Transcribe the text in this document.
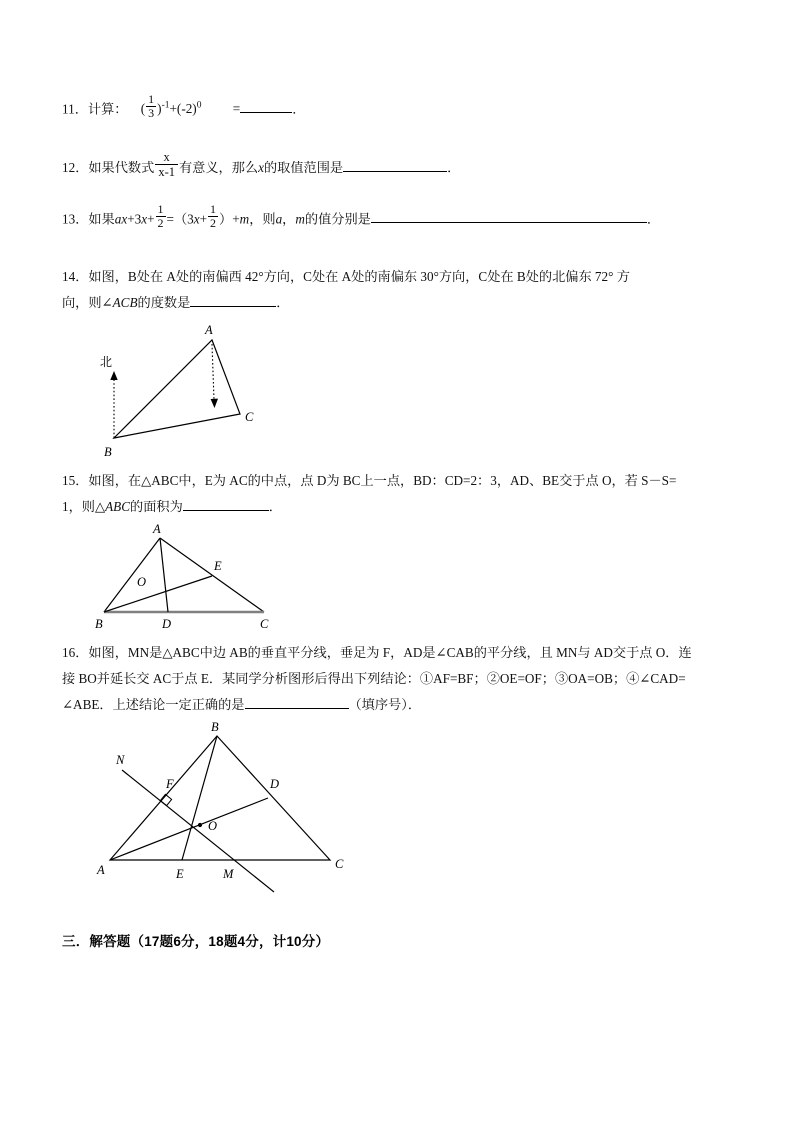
11．计算： ( $\frac{1}{3} )^{-1}+(-2)^0$ =	．
12．如果代数式 $\frac{x}{x-1}$ 有意义，那么x的取值范围是	．
13．如果$ax+3x+ \frac{1}{2} =(3x+ \frac{1}{2} )+m$，则a，m的值分别是	．
14．如图，B处在 A处的南偏西 42°方向，C处在 A处的南偏东 30°方向，C处在 B处的北偏东 72° 方
向，则∠ACB的度数是	．
A
B
C
北
15．如图，在△ABC中，E为 AC的中点，点 D为 BC上一点，BD：CD=2：3，AD、BE交于点 O，若 S－S=
1，则△ABC的面积为	．
A
B	C
D
E
O
16．如图，MN是△ABC中边 AB的垂直平分线，垂足为 F，AD是∠CAB的平分线，且 MN与 AD交于点 O．连
接 BO并延长交 AC于点 E．某同学分析图形后得出下列结论：①AF=BF；②OE=OF；③OA=OB；④∠CAD=
∠ABE．上述结论一定正确的是	（填序号）．
A
B
C
D
E
F
M
N
O
三．解答题（17题6分，18题4分，计10分）
